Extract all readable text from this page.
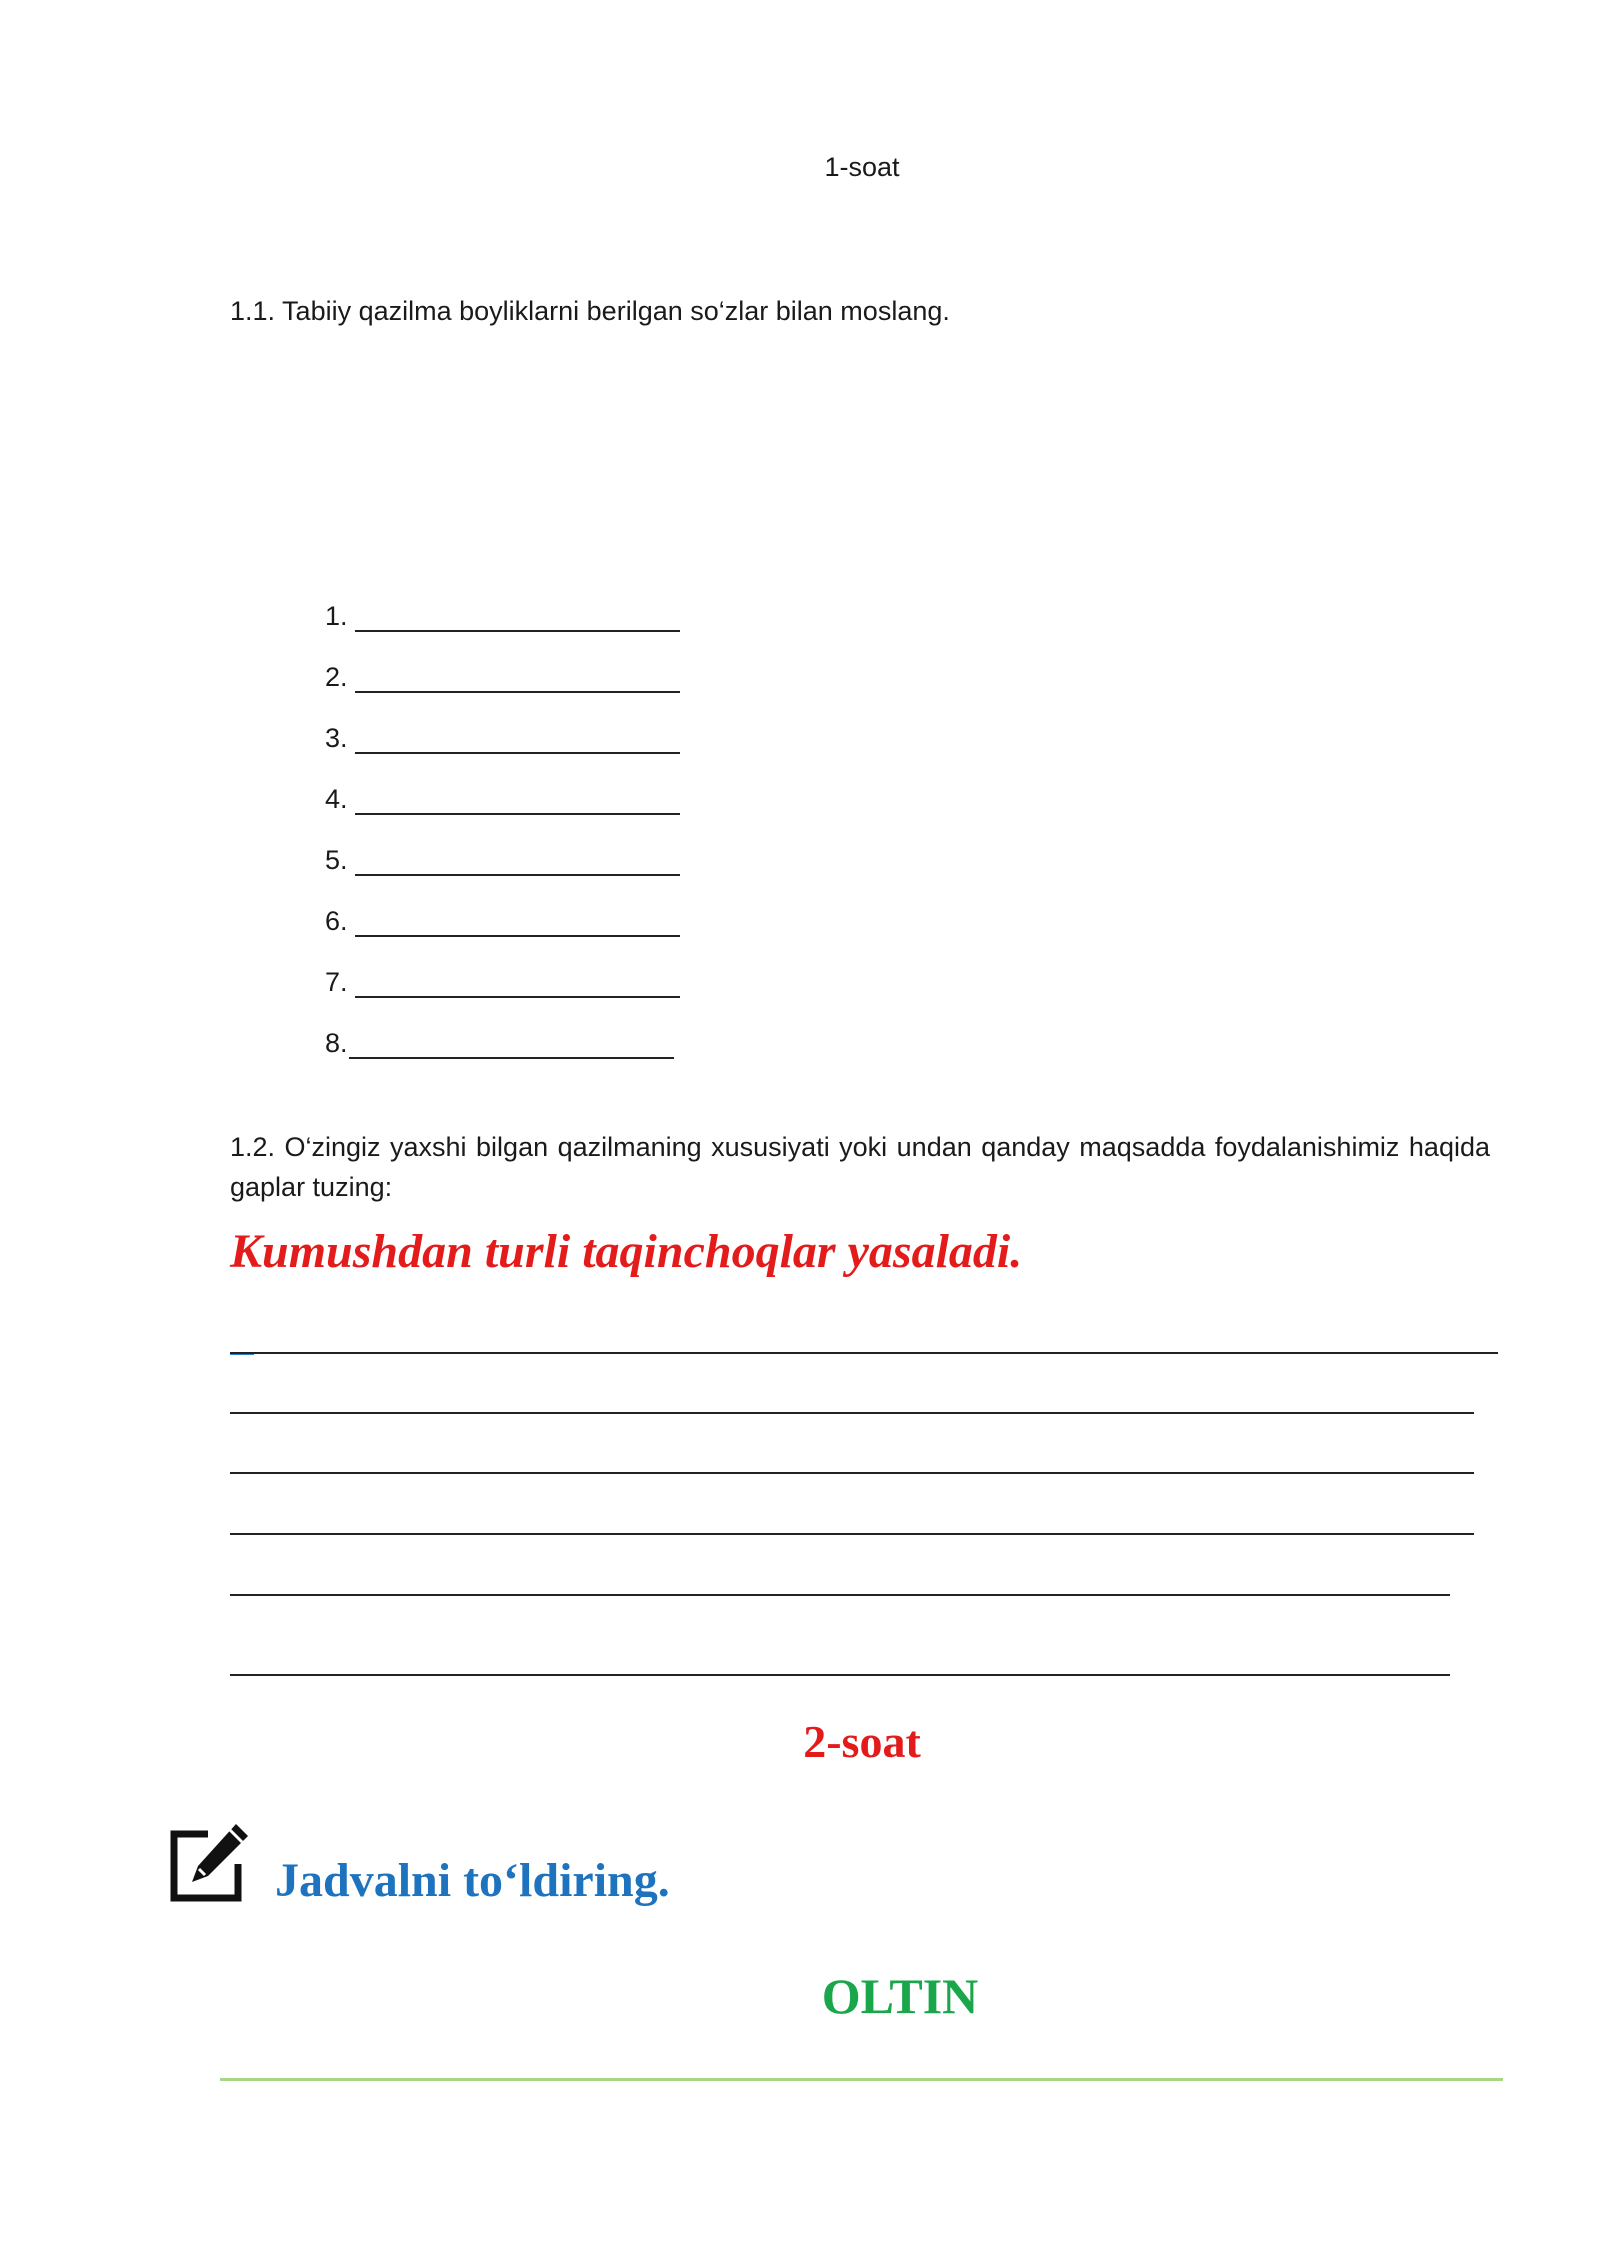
1-soat
1.1. Tabiiy qazilma boyliklarni berilgan so‘zlar bilan moslang.
1.
2.
3.
4.
5.
6.
7.
8.
1.2. O‘zingiz yaxshi bilgan qazilmaning xususiyati yoki undan qanday maqsadda foydalanishimiz haqida gaplar tuzing:
Kumushdan turli taqinchoqlar yasaladi.
2-soat
Jadvalni to‘ldiring.
OLTIN
